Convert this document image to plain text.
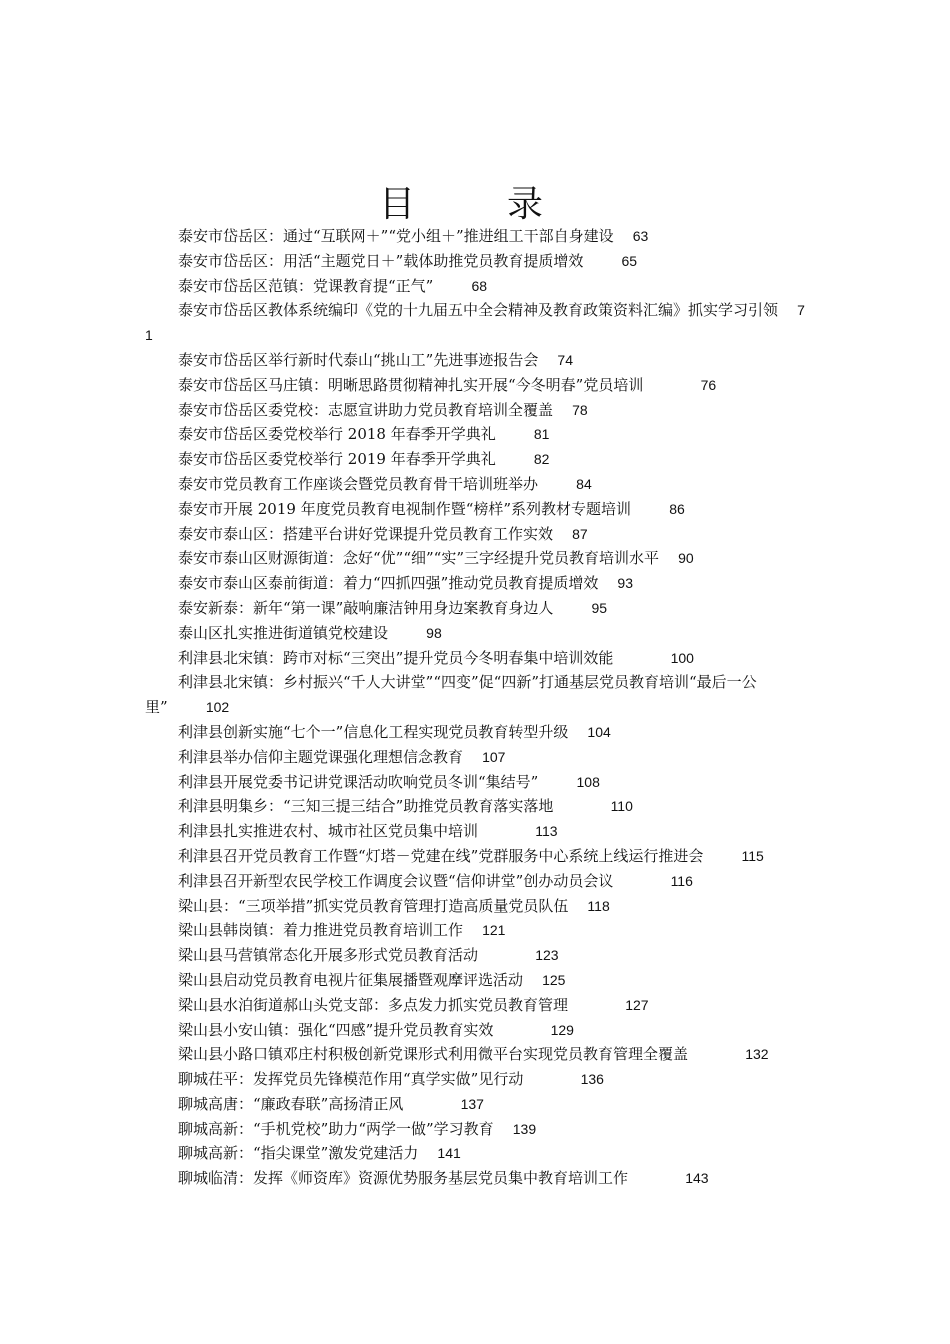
目　录

泰安市岱岳区：通过“互联网＋”“党小组＋”推进组工干部自身建设 63

泰安市岱岳区：用活“主题党日＋”载体助推党员教育提质增效	65

泰安市岱岳区范镇：党课教育提“正气”	68

泰安市岱岳区教体系统编印《党的十九届五中全会精神及教育政策资料汇编》抓实学习引领 71

泰安市岱岳区举行新时代泰山“挑山工”先进事迹报告会 74

泰安市岱岳区马庄镇：明晰思路贯彻精神扎实开展“今冬明春”党员培训	76

泰安市岱岳区委党校：志愿宣讲助力党员教育培训全覆盖 78

泰安市岱岳区委党校举行 2018 年春季开学典礼	81

泰安市岱岳区委党校举行 2019 年春季开学典礼	82

泰安市党员教育工作座谈会暨党员教育骨干培训班举办	84

泰安市开展 2019 年度党员教育电视制作暨“榜样”系列教材专题培训	86

泰安市泰山区：搭建平台讲好党课提升党员教育工作实效 87

泰安市泰山区财源街道：念好“优”“细”“实”三字经提升党员教育培训水平 90

泰安市泰山区泰前街道：着力“四抓四强”推动党员教育提质增效 93

泰安新泰：新年“第一课”敲响廉洁钟用身边案教育身边人	95

泰山区扎实推进街道镇党校建设	98

利津县北宋镇：跨市对标“三突出”提升党员今冬明春集中培训效能	100

利津县北宋镇：乡村振兴“千人大讲堂”“四变”促“四新”打通基层党员教育培训“最后一公里”	102

利津县创新实施“七个一”信息化工程实现党员教育转型升级 104

利津县举办信仰主题党课强化理想信念教育 107

利津县开展党委书记讲党课活动吹响党员冬训“集结号”	108

利津县明集乡：“三知三提三结合”助推党员教育落实落地	110

利津县扎实推进农村、城市社区党员集中培训	113

利津县召开党员教育工作暨“灯塔－党建在线”党群服务中心系统上线运行推进会	115

利津县召开新型农民学校工作调度会议暨“信仰讲堂”创办动员会议	116

梁山县：“三项举措”抓实党员教育管理打造高质量党员队伍 118

梁山县韩岗镇：着力推进党员教育培训工作 121

梁山县马营镇常态化开展多形式党员教育活动	123

梁山县启动党员教育电视片征集展播暨观摩评选活动 125

梁山县水泊街道郝山头党支部：多点发力抓实党员教育管理	127

梁山县小安山镇：强化“四感”提升党员教育实效	129

梁山县小路口镇邓庄村积极创新党课形式利用微平台实现党员教育管理全覆盖	132

聊城茌平：发挥党员先锋模范作用“真学实做”见行动	136

聊城高唐：“廉政春联”高扬清正风	137

聊城高新：“手机党校”助力“两学一做”学习教育 139

聊城高新：“指尖课堂”激发党建活力 141

聊城临清：发挥《师资库》资源优势服务基层党员集中教育培训工作	143
